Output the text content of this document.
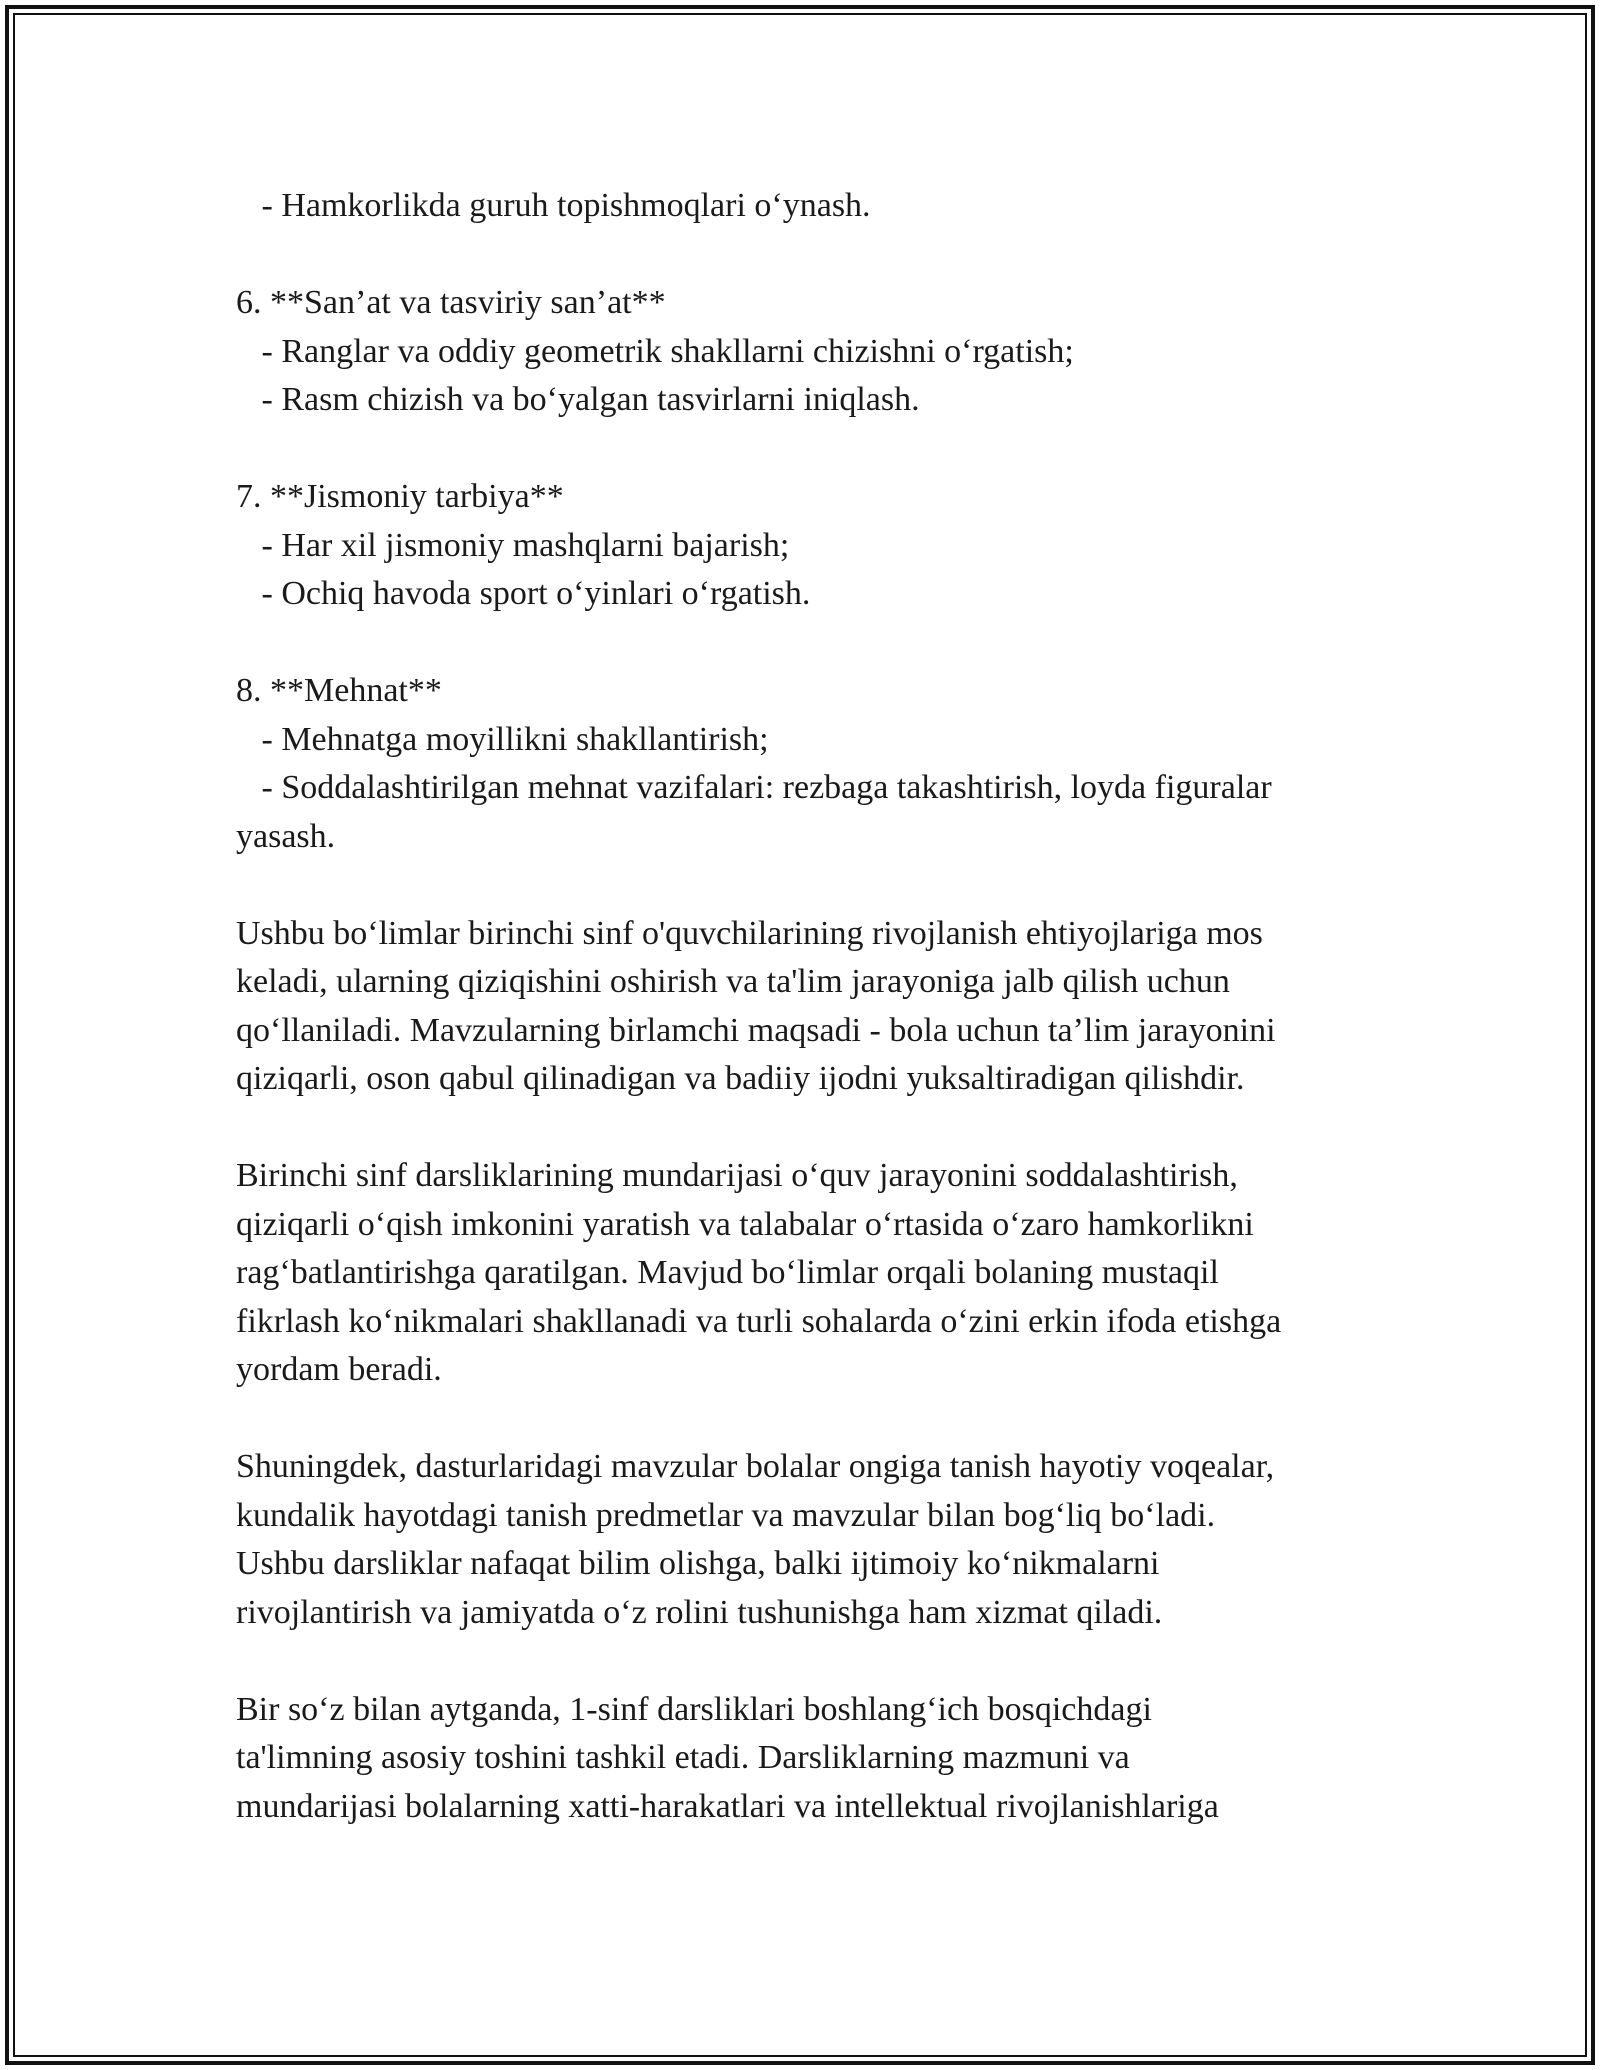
- Hamkorlikda guruh topishmoqlari o‘ynash.
6. **San’at va tasviriy san’at**
- Ranglar va oddiy geometrik shakllarni chizishni o‘rgatish;
- Rasm chizish va bo‘yalgan tasvirlarni iniqlash.
7. **Jismoniy tarbiya**
- Har xil jismoniy mashqlarni bajarish;
- Ochiq havoda sport o‘yinlari o‘rgatish.
8. **Mehnat**
- Mehnatga moyillikni shakllantirish;
- Soddalashtirilgan mehnat vazifalari: rezbaga takashtirish, loyda figuralar
yasash.
Ushbu bo‘limlar birinchi sinf o'quvchilarining rivojlanish ehtiyojlariga mos
keladi, ularning qiziqishini oshirish va ta'lim jarayoniga jalb qilish uchun
qo‘llaniladi. Mavzularning birlamchi maqsadi - bola uchun ta’lim jarayonini
qiziqarli, oson qabul qilinadigan va badiiy ijodni yuksaltiradigan qilishdir.
Birinchi sinf darsliklarining mundarijasi o‘quv jarayonini soddalashtirish,
qiziqarli o‘qish imkonini yaratish va talabalar o‘rtasida o‘zaro hamkorlikni
rag‘batlantirishga qaratilgan. Mavjud bo‘limlar orqali bolaning mustaqil
fikrlash ko‘nikmalari shakllanadi va turli sohalarda o‘zini erkin ifoda etishga
yordam beradi.
Shuningdek, dasturlaridagi mavzular bolalar ongiga tanish hayotiy voqealar,
kundalik hayotdagi tanish predmetlar va mavzular bilan bog‘liq bo‘ladi.
Ushbu darsliklar nafaqat bilim olishga, balki ijtimoiy ko‘nikmalarni
rivojlantirish va jamiyatda o‘z rolini tushunishga ham xizmat qiladi.
Bir so‘z bilan aytganda, 1-sinf darsliklari boshlang‘ich bosqichdagi
ta'limning asosiy toshini tashkil etadi. Darsliklarning mazmuni va
mundarijasi bolalarning xatti-harakatlari va intellektual rivojlanishlariga
